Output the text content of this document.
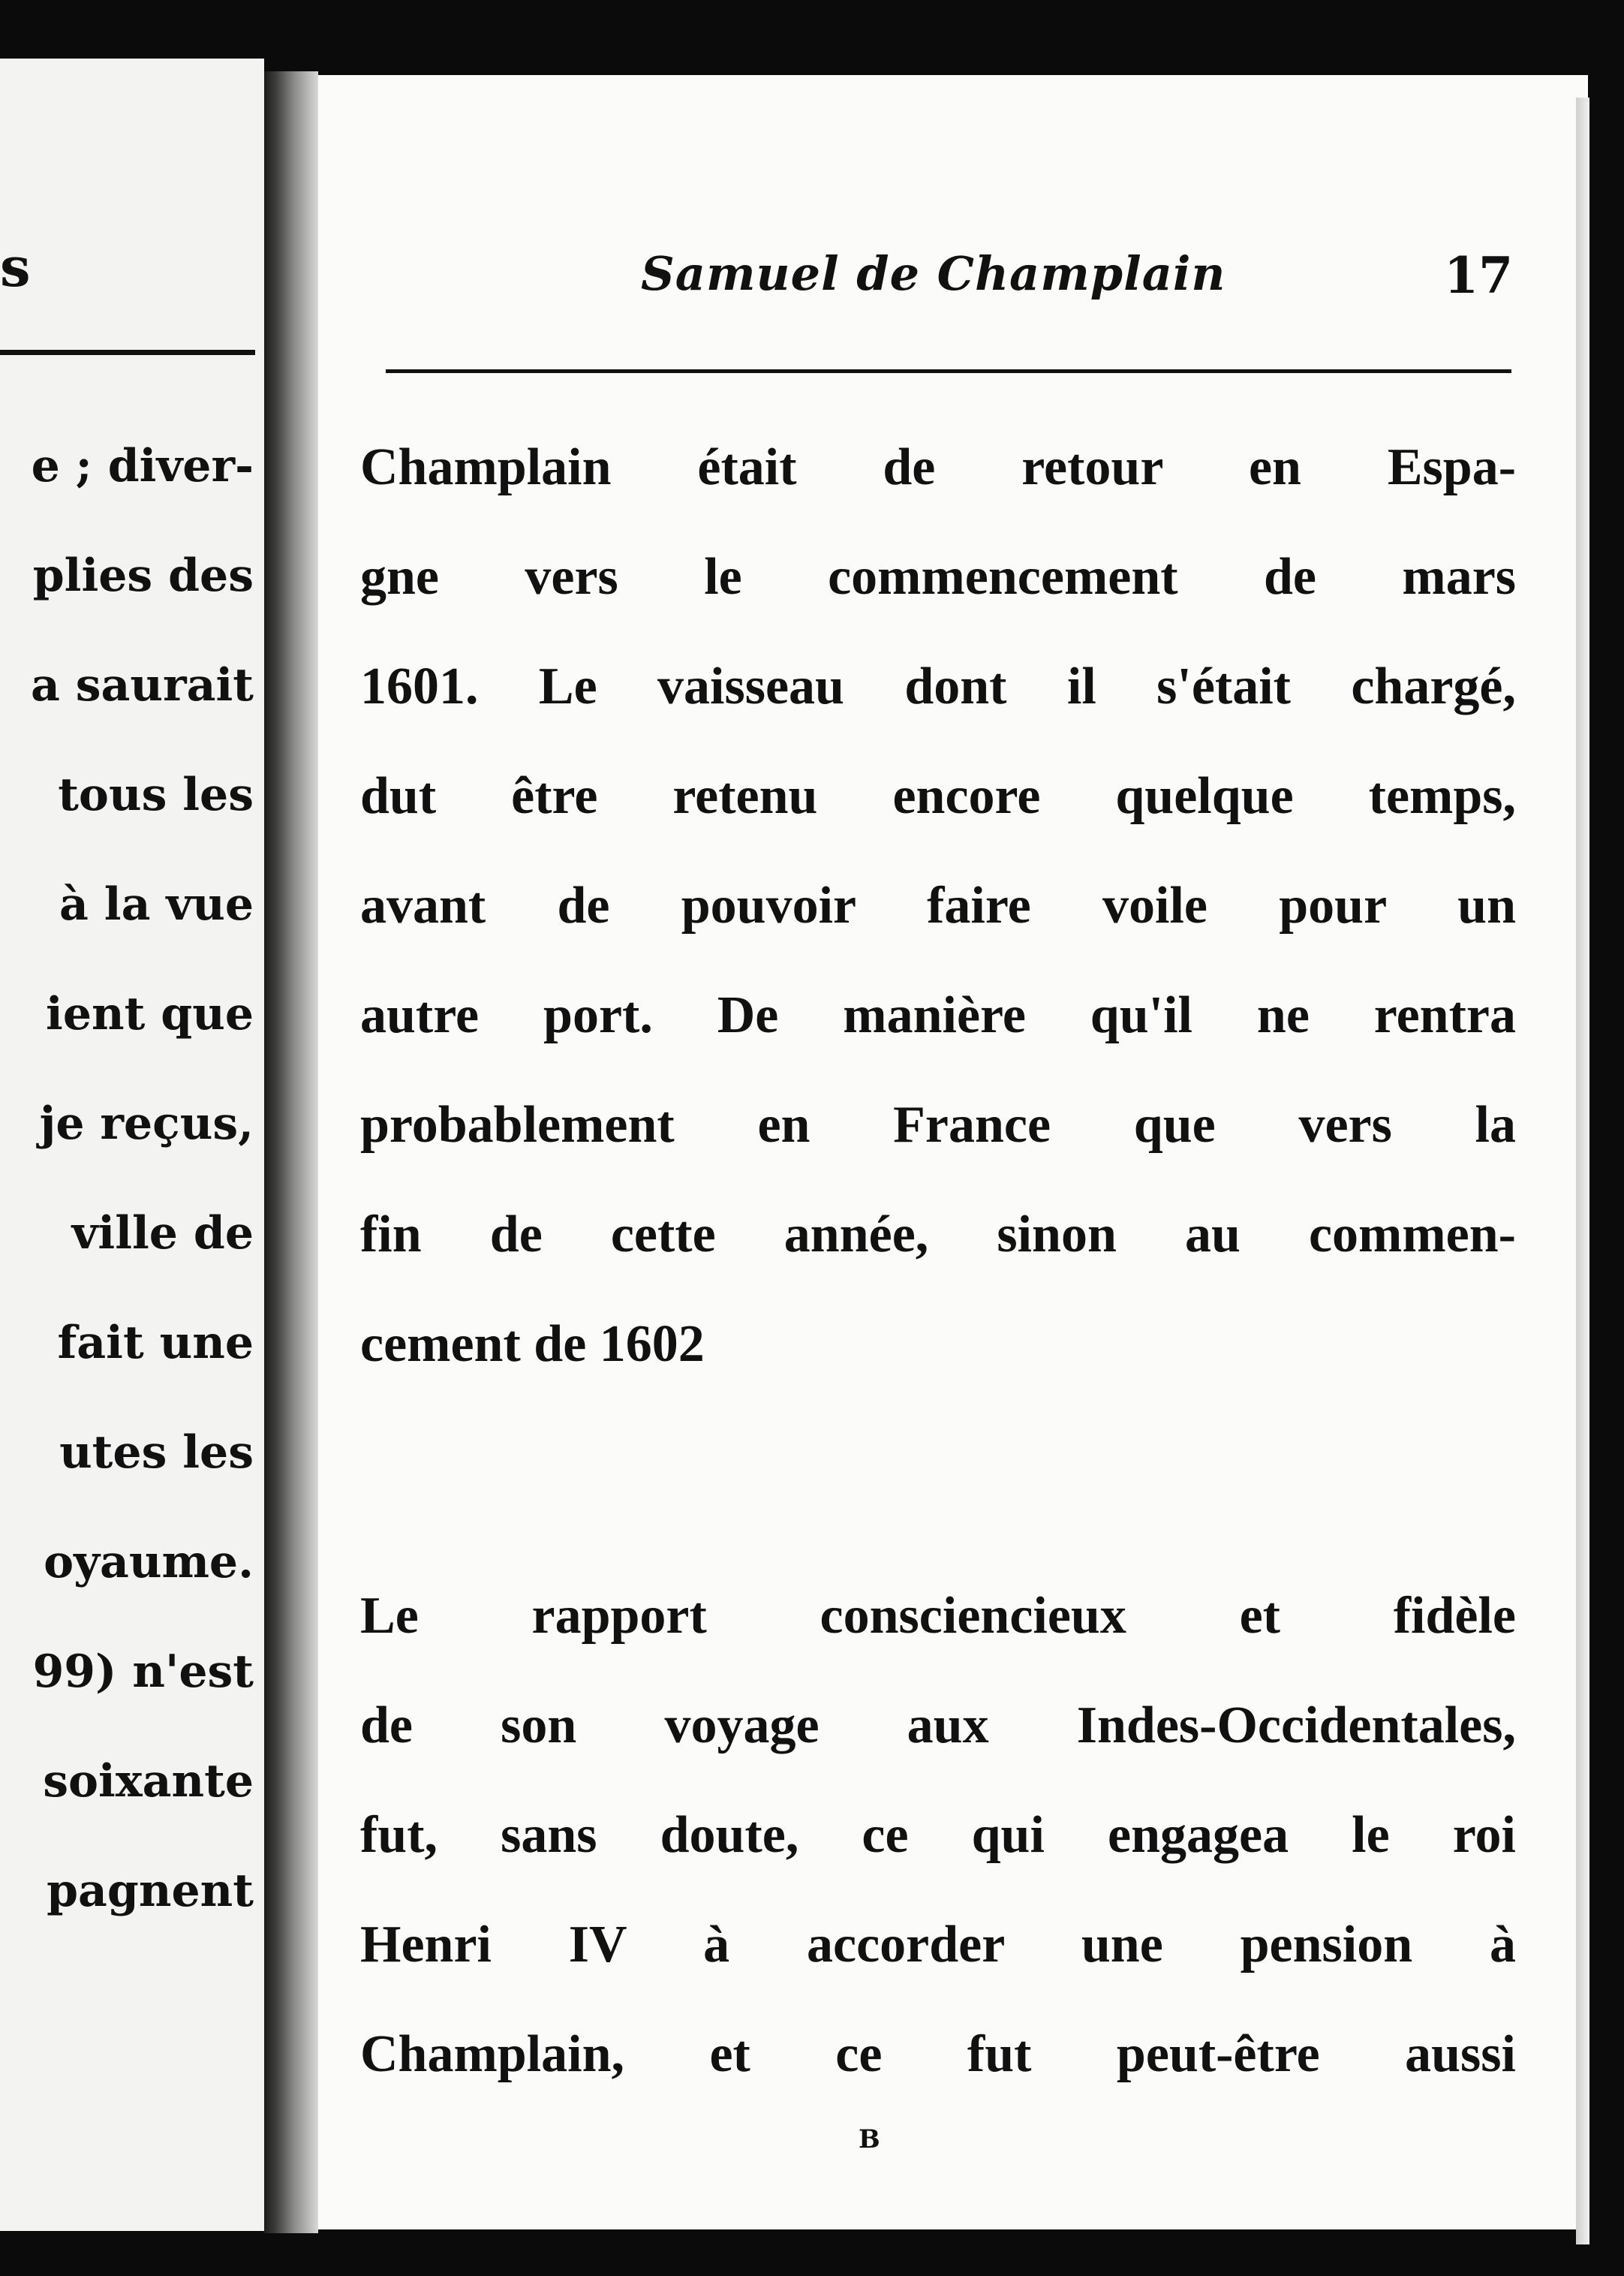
s
e ; diver-
plies des
a saurait
tous les
à la vue
ient que
je reçus,
ville de
fait une
utes les
oyaume.
99) n'est
soixante
pagnent
Samuel de Champlain	17
Champlain était de retour en Espa-
gne vers le commencement de mars
1601. Le vaisseau dont il s'était chargé,
dut être retenu encore quelque temps,
avant de pouvoir faire voile pour un
autre port. De manière qu'il ne rentra
probablement en France que vers la
fin de cette année, sinon au commen-
cement de 1602
Le rapport consciencieux et fidèle
de son voyage aux Indes-Occidentales,
fut, sans doute, ce qui engagea le roi
Henri IV à accorder une pension à
Champlain, et ce fut peut-être aussi
B
